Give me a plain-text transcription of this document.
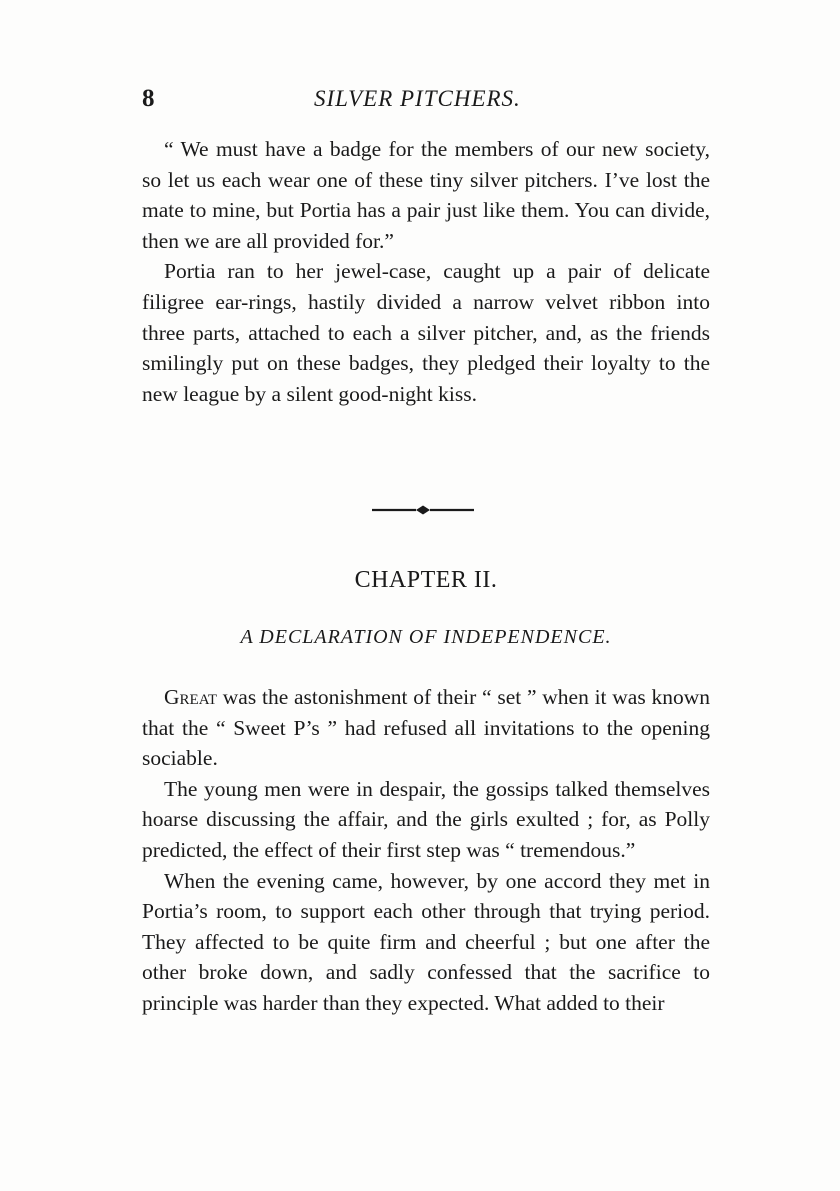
8	SILVER PITCHERS.

“ We must have a badge for the members of our new society, so let us each wear one of these tiny silver pitchers. I’ve lost the mate to mine, but Portia has a pair just like them. You can divide, then we are all provided for.”

Portia ran to her jewel-case, caught up a pair of delicate filigree ear-rings, hastily divided a narrow velvet ribbon into three parts, attached to each a silver pitcher, and, as the friends smilingly put on these badges, they pledged their loyalty to the new league by a silent good-night kiss.

CHAPTER II.
A DECLARATION OF INDEPENDENCE.

Great was the astonishment of their “ set ” when it was known that the “ Sweet P’s ” had refused all invitations to the opening sociable.

The young men were in despair, the gossips talked themselves hoarse discussing the affair, and the girls exulted ; for, as Polly predicted, the effect of their first step was “ tremendous.”

When the evening came, however, by one accord they met in Portia’s room, to support each other through that trying period. They affected to be quite firm and cheerful ; but one after the other broke down, and sadly confessed that the sacrifice to principle was harder than they expected. What added to their
